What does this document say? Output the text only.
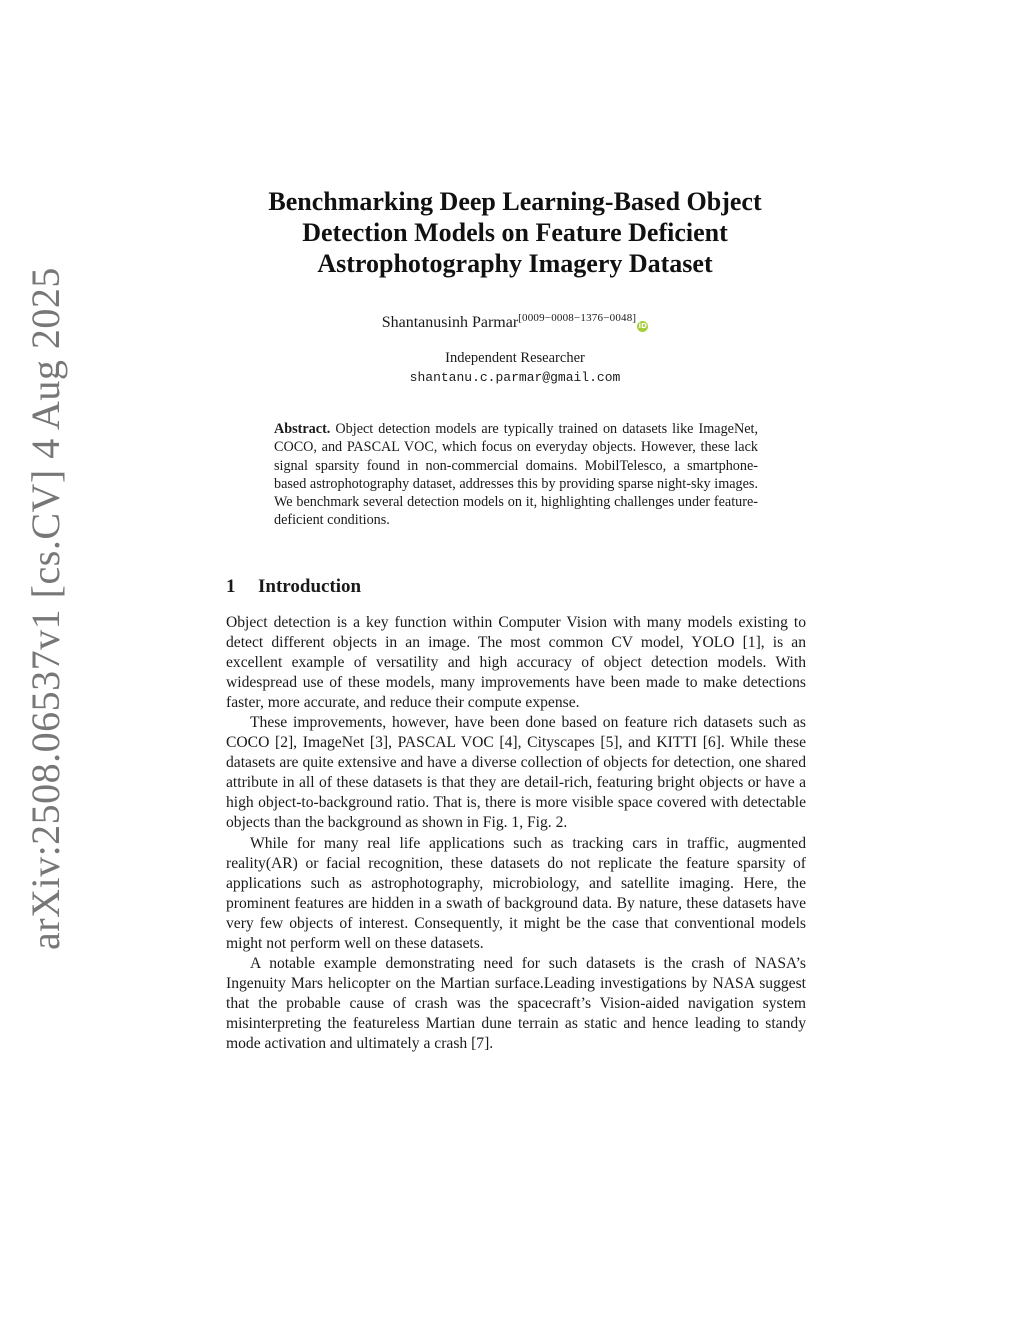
arXiv:2508.06537v1 [cs.CV] 4 Aug 2025
Benchmarking Deep Learning-Based Object
Detection Models on Feature Deficient
Astrophotography Imagery Dataset
Shantanusinh Parmar[0009−0008−1376−0048]iD
Independent Researcher
shantanu.c.parmar@gmail.com
Abstract. Object detection models are typically trained on datasets like ImageNet, COCO, and PASCAL VOC, which focus on everyday objects. However, these lack signal sparsity found in non-commercial domains. MobilTelesco, a smartphone-based astrophotography dataset, addresses this by providing sparse night-sky images. We benchmark several detection models on it, highlighting challenges under feature-deficient conditions.
1 Introduction

Object detection is a key function within Computer Vision with many models existing to detect different objects in an image. The most common CV model, YOLO [1], is an excellent example of versatility and high accuracy of object detection models. With widespread use of these models, many improvements have been made to make detections faster, more accurate, and reduce their compute expense.

These improvements, however, have been done based on feature rich datasets such as COCO [2], ImageNet [3], PASCAL VOC [4], Cityscapes [5], and KITTI [6]. While these datasets are quite extensive and have a diverse collection of objects for detection, one shared attribute in all of these datasets is that they are detail-rich, featuring bright objects or have a high object-to-background ratio. That is, there is more visible space covered with detectable objects than the background as shown in Fig. 1, Fig. 2.

While for many real life applications such as tracking cars in traffic, augmented reality(AR) or facial recognition, these datasets do not replicate the feature sparsity of applications such as astrophotography, microbiology, and satellite imaging. Here, the prominent features are hidden in a swath of background data. By nature, these datasets have very few objects of interest. Consequently, it might be the case that conventional models might not perform well on these datasets.

A notable example demonstrating need for such datasets is the crash of NASA’s Ingenuity Mars helicopter on the Martian surface.Leading investigations by NASA suggest that the probable cause of crash was the spacecraft’s Vision-aided navigation system misinterpreting the featureless Martian dune terrain as static and hence leading to standy mode activation and ultimately a crash [7].
